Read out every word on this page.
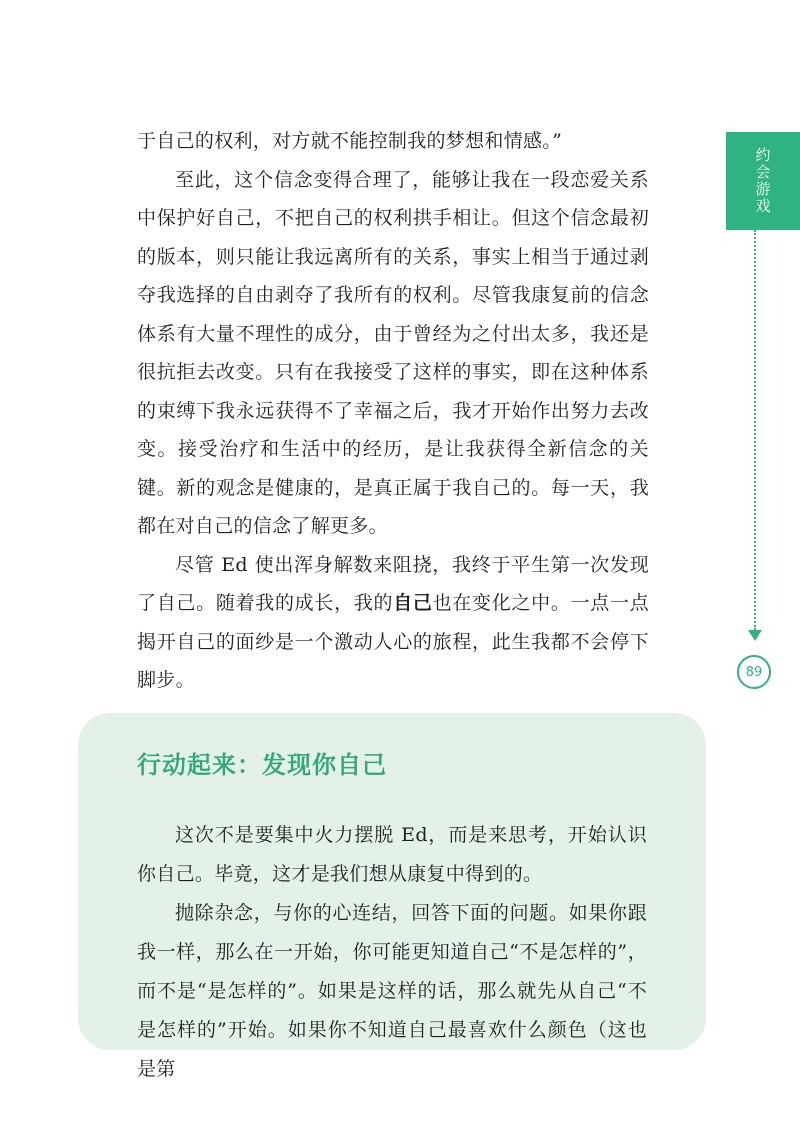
于自己的权利，对方就不能控制我的梦想和情感。”

至此，这个信念变得合理了，能够让我在一段恋爱关系中保护好自己，不把自己的权利拱手相让。但这个信念最初的版本，则只能让我远离所有的关系，事实上相当于通过剥夺我选择的自由剥夺了我所有的权利。尽管我康复前的信念体系有大量不理性的成分，由于曾经为之付出太多，我还是很抗拒去改变。只有在我接受了这样的事实，即在这种体系的束缚下我永远获得不了幸福之后，我才开始作出努力去改变。接受治疗和生活中的经历，是让我获得全新信念的关键。新的观念是健康的，是真正属于我自己的。每一天，我都在对自己的信念了解更多。

尽管 Ed 使出浑身解数来阻挠，我终于平生第一次发现了自己。随着我的成长，我的自己也在变化之中。一点一点揭开自己的面纱是一个激动人心的旅程，此生我都不会停下脚步。

约会游戏
89
行动起来：发现你自己

这次不是要集中火力摆脱 Ed，而是来思考，开始认识你自己。毕竟，这才是我们想从康复中得到的。

抛除杂念，与你的心连结，回答下面的问题。如果你跟我一样，那么在一开始，你可能更知道自己“不是怎样的”，而不是“是怎样的”。如果是这样的话，那么就先从自己“不是怎样的”开始。如果你不知道自己最喜欢什么颜色（这也是第
